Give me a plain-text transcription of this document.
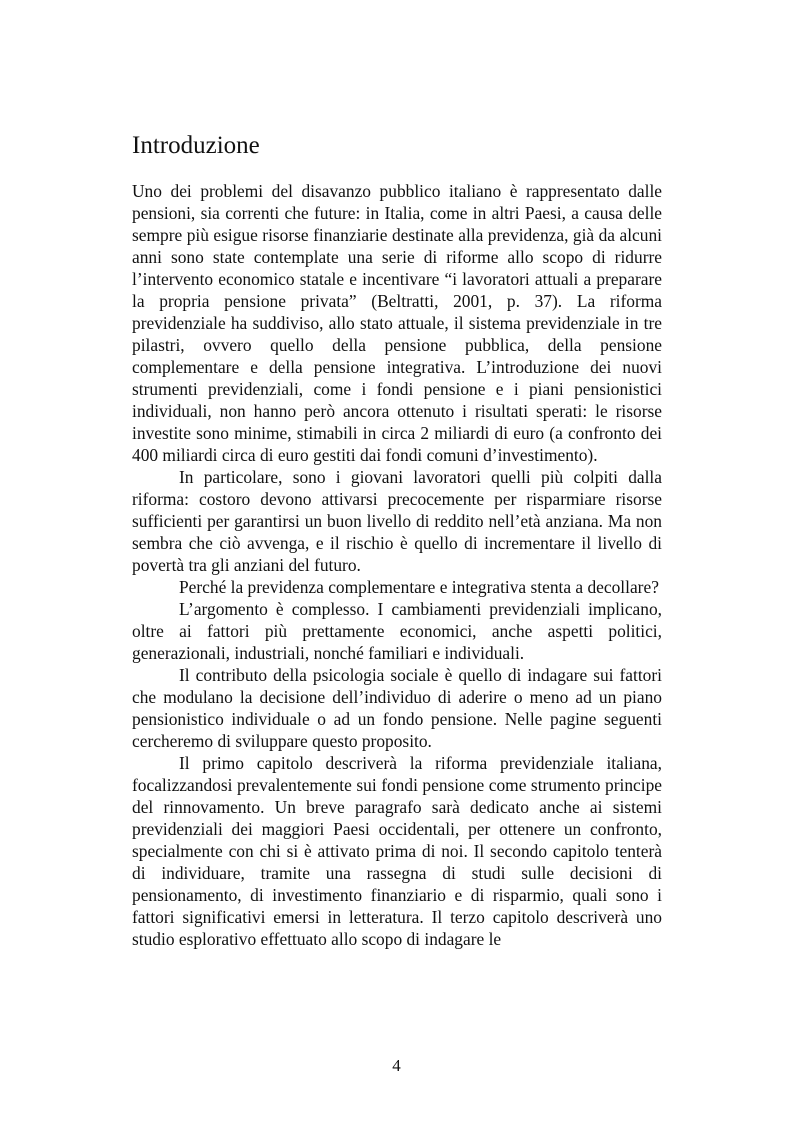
Introduzione

Uno dei problemi del disavanzo pubblico italiano è rappresentato dalle pensioni, sia correnti che future: in Italia, come in altri Paesi, a causa delle sempre più esigue risorse finanziarie destinate alla previdenza, già da alcuni anni sono state contemplate una serie di riforme allo scopo di ridurre l’intervento economico statale e incentivare “i lavoratori attuali a preparare la propria pensione privata” (Beltratti, 2001, p. 37). La riforma previdenziale ha suddiviso, allo stato attuale, il sistema previdenziale in tre pilastri, ovvero quello della pensione pubblica, della pensione complementare e della pensione integrativa. L’introduzione dei nuovi strumenti previdenziali, come i fondi pensione e i piani pensionistici individuali, non hanno però ancora ottenuto i risultati sperati: le risorse investite sono minime, stimabili in circa 2 miliardi di euro (a confronto dei 400 miliardi circa di euro gestiti dai fondi comuni d’investimento).

In particolare, sono i giovani lavoratori quelli più colpiti dalla riforma: costoro devono attivarsi precocemente per risparmiare risorse sufficienti per garantirsi un buon livello di reddito nell’età anziana. Ma non sembra che ciò avvenga, e il rischio è quello di incrementare il livello di povertà tra gli anziani del futuro.

Perché la previdenza complementare e integrativa stenta a decollare?

L’argomento è complesso. I cambiamenti previdenziali implicano, oltre ai fattori più prettamente economici, anche aspetti politici, generazionali, industriali, nonché familiari e individuali.

Il contributo della psicologia sociale è quello di indagare sui fattori che modulano la decisione dell’individuo di aderire o meno ad un piano pensionistico individuale o ad un fondo pensione. Nelle pagine seguenti cercheremo di sviluppare questo proposito.

Il primo capitolo descriverà la riforma previdenziale italiana, focalizzandosi prevalentemente sui fondi pensione come strumento principe del rinnovamento. Un breve paragrafo sarà dedicato anche ai sistemi previdenziali dei maggiori Paesi occidentali, per ottenere un confronto, specialmente con chi si è attivato prima di noi. Il secondo capitolo tenterà di individuare, tramite una rassegna di studi sulle decisioni di pensionamento, di investimento finanziario e di risparmio, quali sono i fattori significativi emersi in letteratura. Il terzo capitolo descriverà uno studio esplorativo effettuato allo scopo di indagare le

4
